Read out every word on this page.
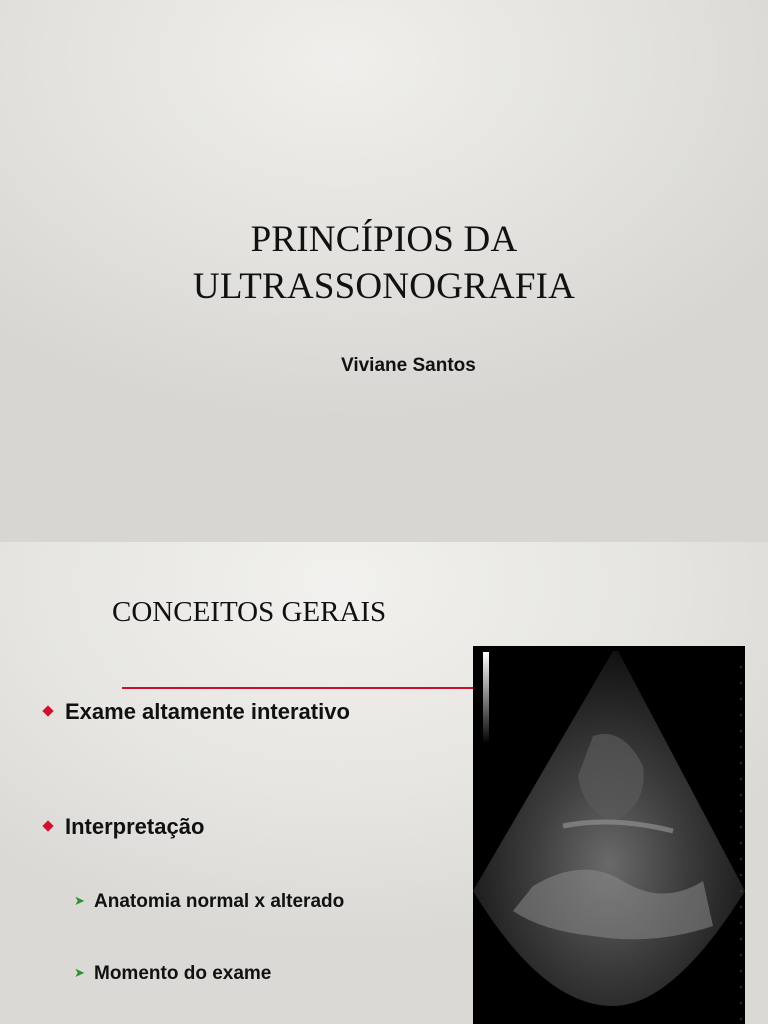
PRINCÍPIOS DA
ULTRASSONOGRAFIA
Viviane Santos
CONCEITOS GERAIS
Exame altamente interativo
Interpretação
➤ Anatomia normal x alterado
➤ Momento do exame
